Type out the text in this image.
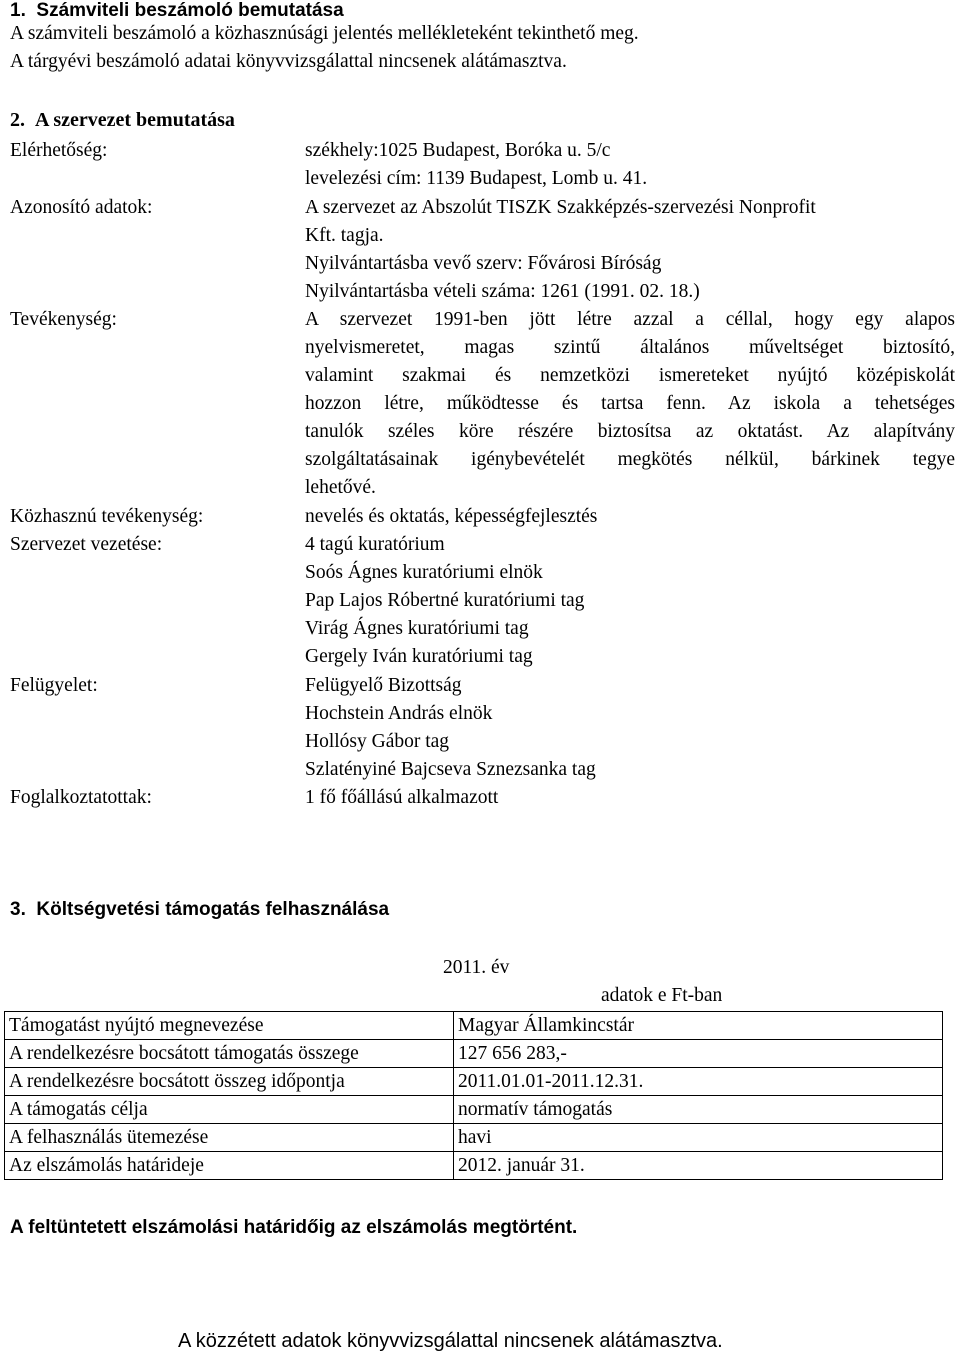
1.  Számviteli beszámoló bemutatása
A számviteli beszámoló a közhasznúsági jelentés mellékleteként tekinthető meg.
A tárgyévi beszámoló adatai könyvvizsgálattal nincsenek alátámasztva.
2.  A szervezet bemutatása
Elérhetőség:	székhely:1025 Budapest, Boróka u. 5/c
levelezési cím: 1139 Budapest, Lomb u. 41.
Azonosító adatok:	A szervezet az Abszolút TISZK Szakképzés-szervezési Nonprofit
Kft. tagja.
Nyilvántartásba vevő szerv: Fővárosi Bíróság
Nyilvántartásba vételi száma: 1261 (1991. 02. 18.)
Tevékenység:	A szervezet 1991-ben jött létre azzal a céllal, hogy egy alapos
nyelvismeretet, magas szintű általános műveltséget biztosító,
valamint szakmai és nemzetközi ismereteket nyújtó középiskolát
hozzon létre, működtesse és tartsa fenn. Az iskola a tehetséges
tanulók széles köre részére biztosítsa az oktatást. Az alapítvány
szolgáltatásainak igénybevételét megkötés nélkül, bárkinek tegye
lehetővé.
Közhasznú tevékenység:	nevelés és oktatás, képességfejlesztés
Szervezet vezetése:	4 tagú kuratórium
Soós Ágnes kuratóriumi elnök
Pap Lajos Róbertné kuratóriumi tag
Virág Ágnes kuratóriumi tag
Gergely Iván kuratóriumi tag
Felügyelet:	Felügyelő Bizottság
Hochstein András elnök
Hollósy Gábor tag
Szlatényiné Bajcseva Sznezsanka tag
Foglalkoztatottak:	1 fő főállású alkalmazott
3.  Költségvetési támogatás felhasználása
2011. év
adatok e Ft-ban
Támogatást nyújtó megnevezése	Magyar Államkincstár
A rendelkezésre bocsátott támogatás összege	127 656 283,-
A rendelkezésre bocsátott összeg időpontja	2011.01.01-2011.12.31.
A támogatás célja	normatív támogatás
A felhasználás ütemezése	havi
Az elszámolás határideje	2012. január 31.
A feltüntetett elszámolási határidőig az elszámolás megtörtént.
A közzétett adatok könyvvizsgálattal nincsenek alátámasztva.
